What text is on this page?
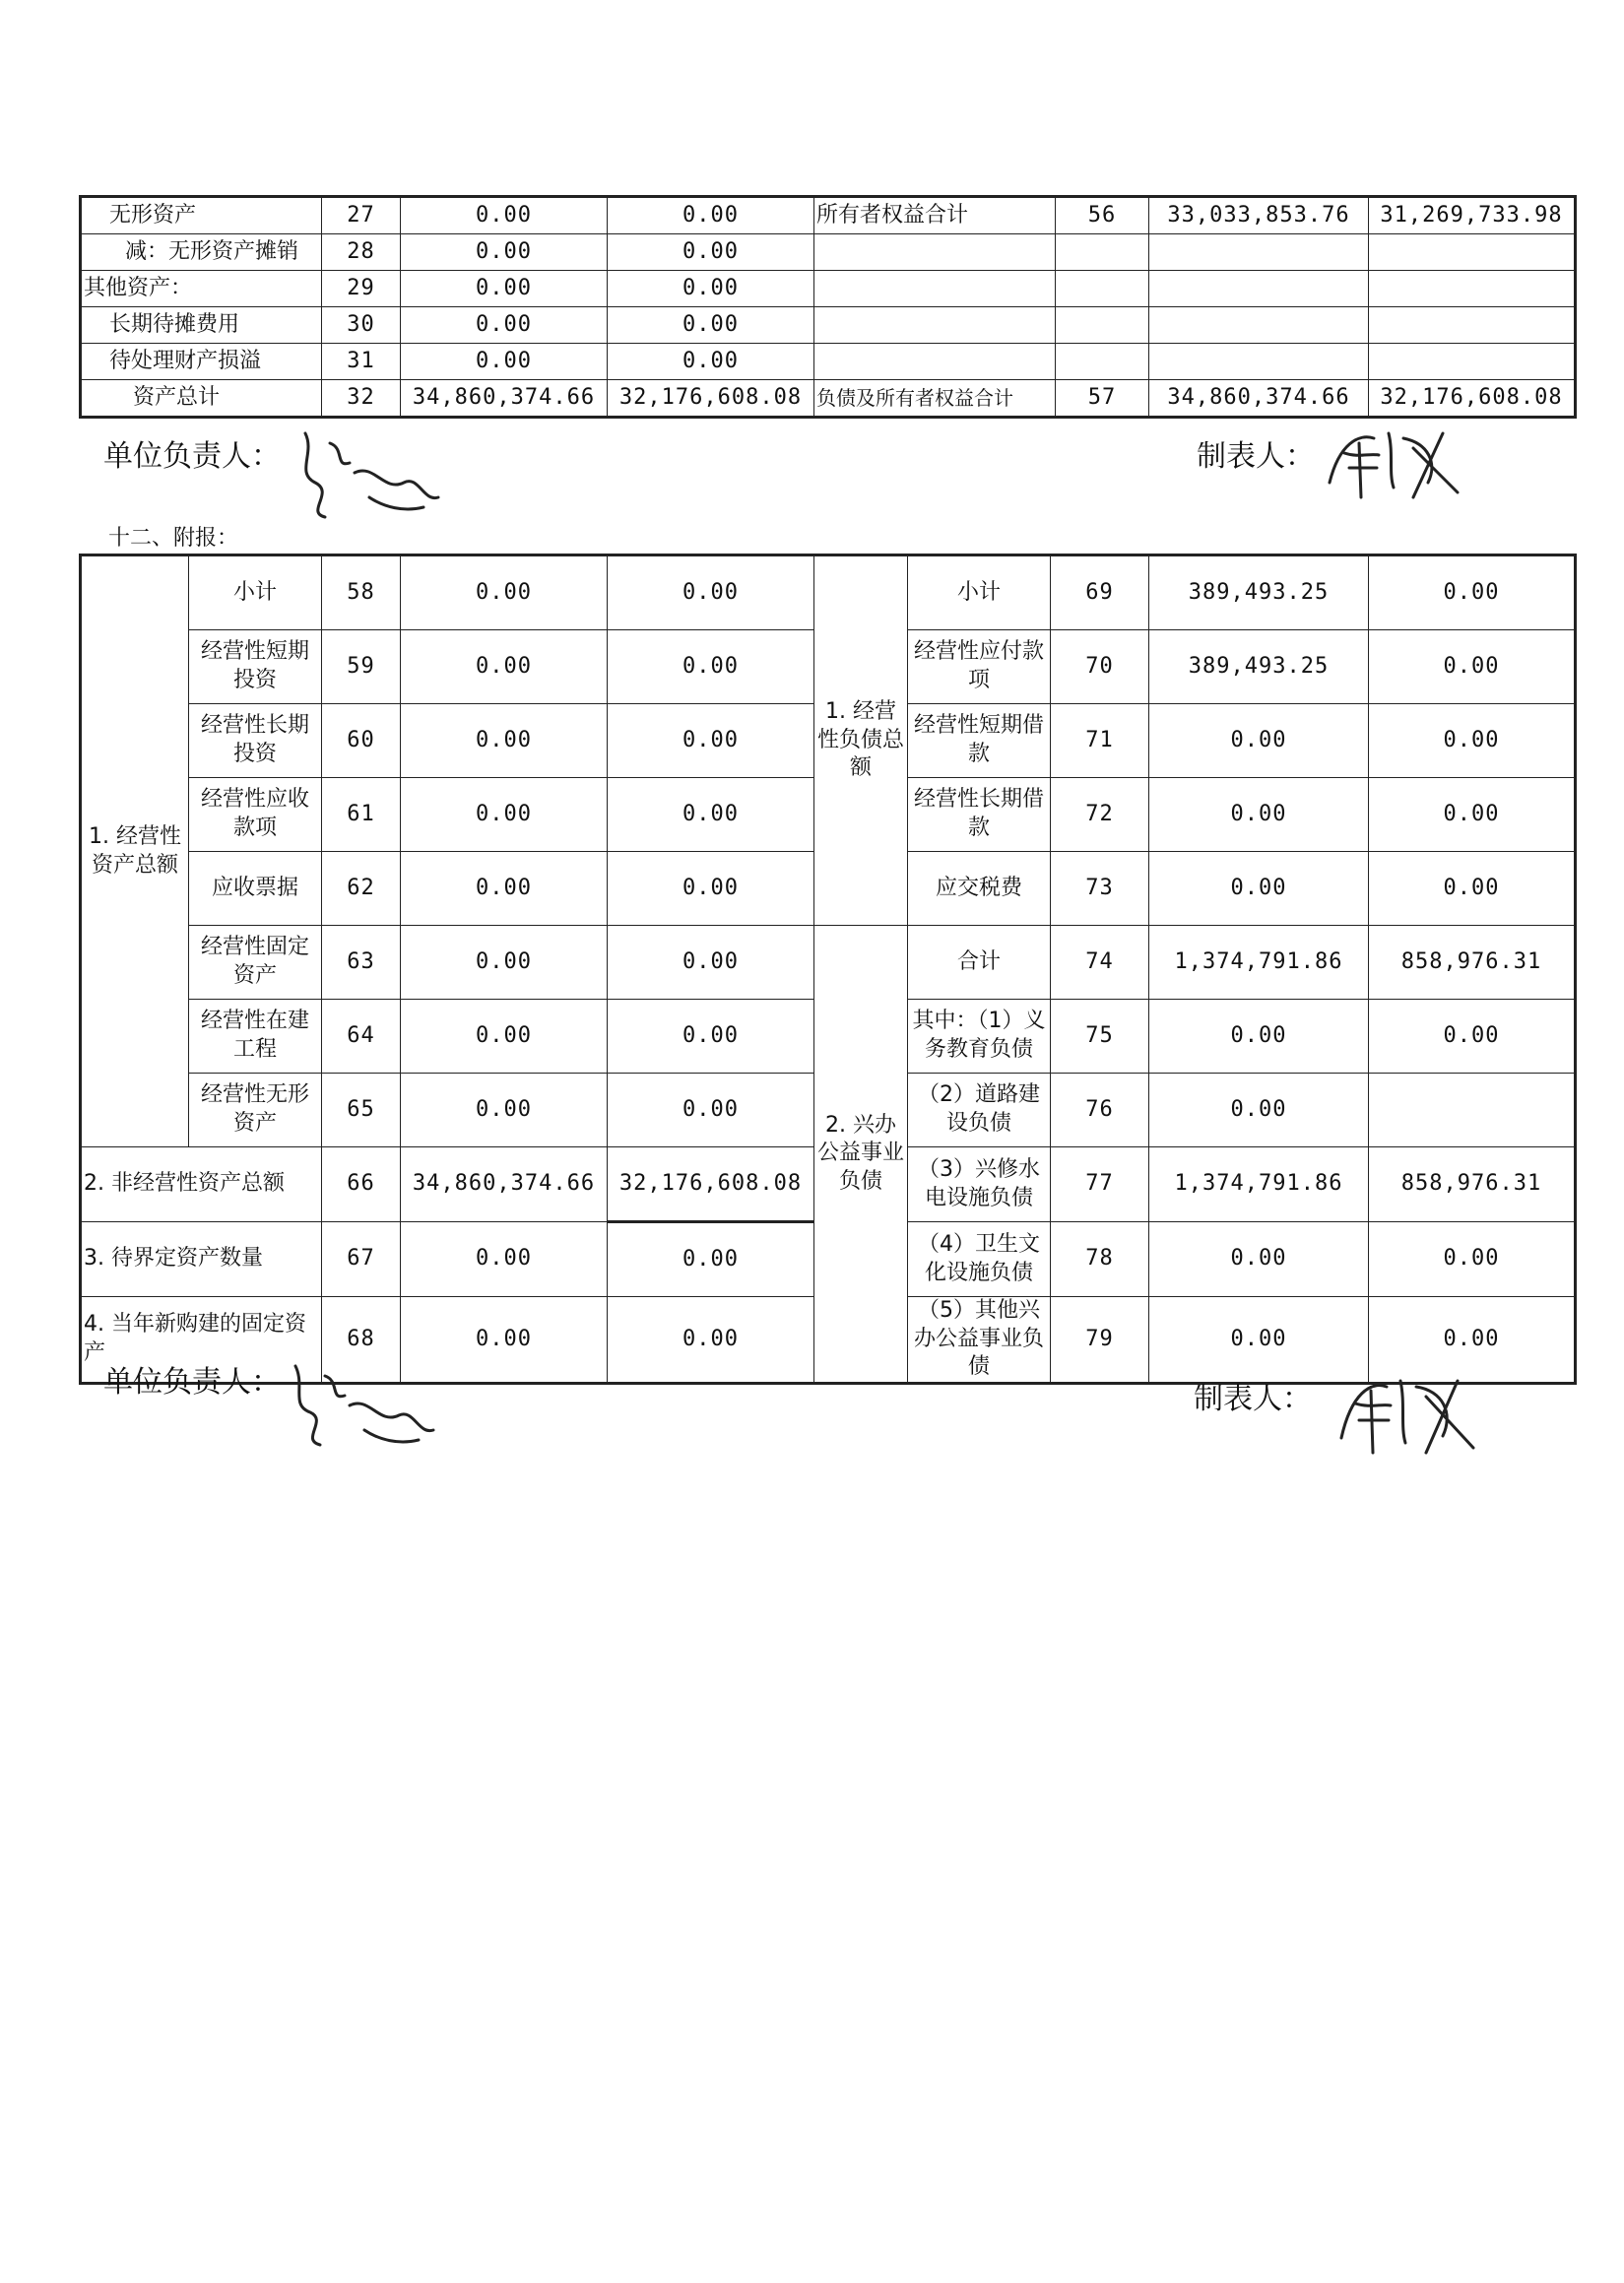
无形资产	27	0.00	0.00	所有者权益合计	56	33,033,853.76	31,269,733.98
减：无形资产摊销	28	0.00	0.00				
其他资产：	29	0.00	0.00				
长期待摊费用	30	0.00	0.00				
待处理财产损溢	31	0.00	0.00				
资产总计	32	34,860,374.66	32,176,608.08	负债及所有者权益合计	57	34,860,374.66	32,176,608.08
单位负责人：	制表人：
十二、附报：
1. 经营性资产总额	小计	58	0.00	0.00	1. 经营性负债总额	小计	69	389,493.25	0.00
	经营性短期投资	59	0.00	0.00		经营性应付款项	70	389,493.25	0.00
	经营性长期投资	60	0.00	0.00		经营性短期借款	71	0.00	0.00
	经营性应收款项	61	0.00	0.00		经营性长期借款	72	0.00	0.00
	应收票据	62	0.00	0.00		应交税费	73	0.00	0.00
	经营性固定资产	63	0.00	0.00	2. 兴办公益事业负债	合计	74	1,374,791.86	858,976.31
	经营性在建工程	64	0.00	0.00		其中：（1）义务教育负债	75	0.00	0.00
	经营性无形资产	65	0.00	0.00		（2）道路建设负债	76	0.00	
2. 非经营性资产总额		66	34,860,374.66	32,176,608.08		（3）兴修水电设施负债	77	1,374,791.86	858,976.31
3. 待界定资产数量		67	0.00	0.00		（4）卫生文化设施负债	78	0.00	0.00
4. 当年新购建的固定资产		68	0.00	0.00		（5）其他兴办公益事业负债	79	0.00	0.00
单位负责人：	制表人：
